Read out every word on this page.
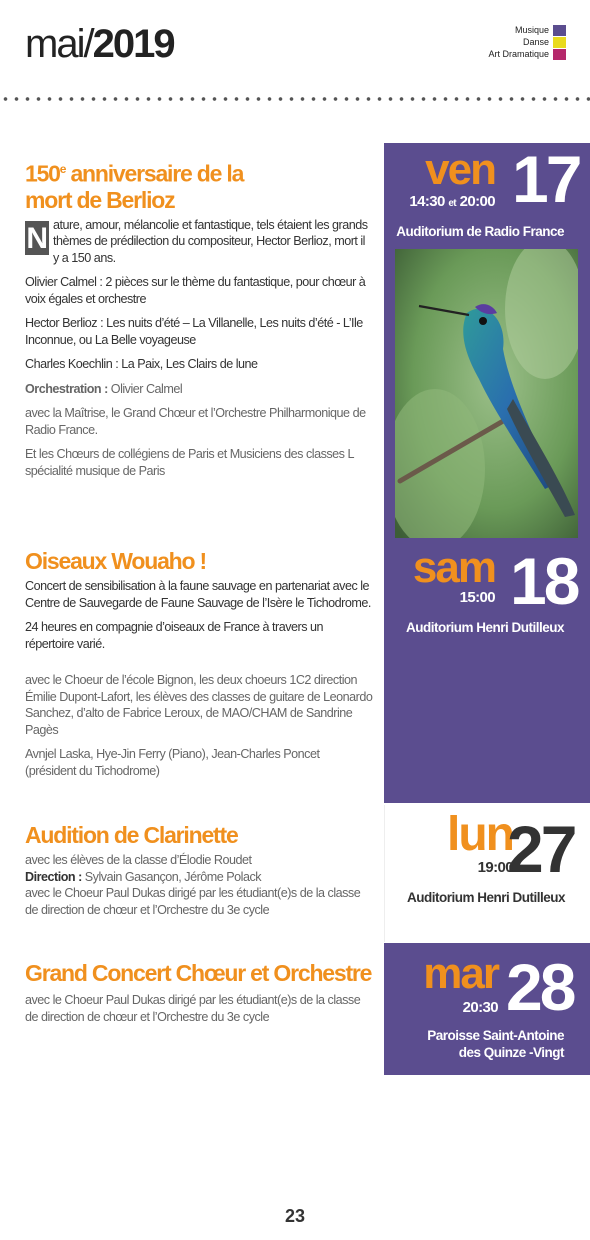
mai/2019	Musique
Danse
Art Dramatique
150e anniversaire de la
mort de Berlioz
N ature, amour, mélancolie et fantastique, tels étaient les grands thèmes de prédilection du compositeur, Hector Berlioz, mort il y a 150 ans.
Olivier Calmel : 2 pièces sur le thème du fantastique, pour chœur à voix égales et orchestre
Hector Berlioz : Les nuits d’été – La Villanelle, Les nuits d’été - L’Ile Inconnue, ou La Belle voyageuse
Charles Koechlin : La Paix, Les Clairs de lune
Orchestration : Olivier Calmel
avec la Maîtrise, le Grand Chœur et l’Orchestre Philharmonique de Radio France.
Et les Chœurs de collégiens de Paris et Musiciens des classes L spécialité musique de Paris
ven 17
14:30 et 20:00
Auditorium de Radio France
sam 18
15:00
Auditorium Henri Dutilleux
Oiseaux Wouaho !
Concert de sensibilisation à la faune sauvage en partenariat avec le Centre de Sauvegarde de Faune Sauvage de l’Isère le Tichodrome.
24 heures en compagnie d’oiseaux de France à travers un répertoire varié.
avec le Choeur de l’école Bignon, les deux choeurs 1C2 direction Émilie Dupont-Lafort, les élèves des classes de guitare de Leonardo Sanchez, d’alto de Fabrice Leroux, de MAO/CHAM de Sandrine Pagès
Avnjel Laska, Hye-Jin Ferry (Piano), Jean-Charles Poncet (président du Tichodrome)
Audition de Clarinette
avec les élèves de la classe d’Élodie Roudet
Direction : Sylvain Gasançon, Jérôme Polack
avec le Choeur Paul Dukas dirigé par les étudiant(e)s de la classe de direction de chœur et l’Orchestre du 3e cycle
lun
27
19:00
Auditorium Henri Dutilleux
Grand Concert Chœur et Orchestre
avec le Choeur Paul Dukas dirigé par les étudiant(e)s de la classe de direction de chœur et l’Orchestre du 3e cycle
mar 28
20:30
Paroisse Saint-Antoine
des Quinze -Vingt
23
